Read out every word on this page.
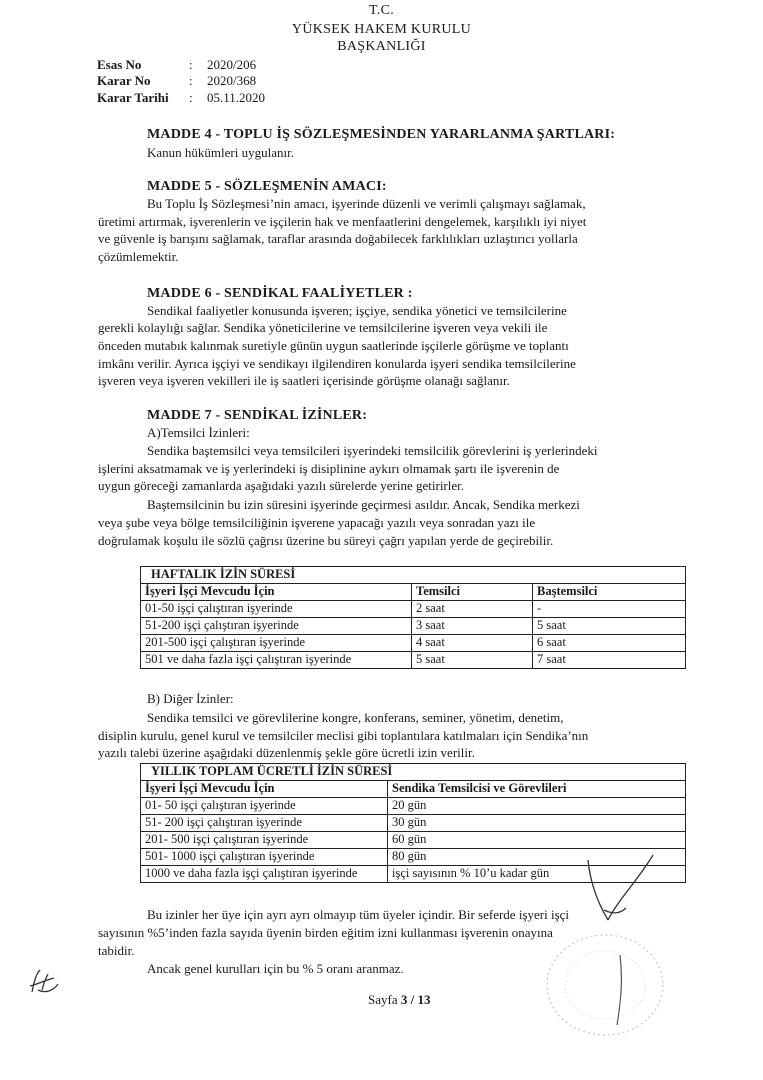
T.C.
YÜKSEK HAKEM KURULU
BAŞKANLIĞI
Esas No	: 2020/206
Karar No	: 2020/368
Karar Tarihi : 05.11.2020
MADDE 4 - TOPLU İŞ SÖZLEŞMESİNDEN YARARLANMA ŞARTLARI:
Kanun hükümleri uygulanır.
MADDE 5 - SÖZLEŞMENİN AMACI:
Bu Toplu İş Sözleşmesi’nin amacı, işyerinde düzenli ve verimli çalışmayı sağlamak,
üretimi artırmak, işverenlerin ve işçilerin hak ve menfaatlerini dengelemek, karşılıklı iyi niyet
ve güvenle iş barışını sağlamak, taraflar arasında doğabilecek farklılıkları uzlaştırıcı yollarla
çözümlemektir.
MADDE 6 - SENDİKAL FAALİYETLER :
Sendikal faaliyetler konusunda işveren; işçiye, sendika yönetici ve temsilcilerine
gerekli kolaylığı sağlar. Sendika yöneticilerine ve temsilcilerine işveren veya vekili ile
önceden mutabık kalınmak suretiyle günün uygun saatlerinde işçilerle görüşme ve toplantı
imkânı verilir. Ayrıca işçiyi ve sendikayı ilgilendiren konularda işyeri sendika temsilcilerine
işveren veya işveren vekilleri ile iş saatleri içerisinde görüşme olanağı sağlanır.
MADDE 7 - SENDİKAL İZİNLER:
A)Temsilci İzinleri:
Sendika baştemsilci veya temsilcileri işyerindeki temsilcilik görevlerini iş yerlerindeki
işlerini aksatmamak ve iş yerlerindeki iş disiplinine aykırı olmamak şartı ile işverenin de
uygun göreceği zamanlarda aşağıdaki yazılı sürelerde yerine getirirler.
Baştemsilcinin bu izin süresini işyerinde geçirmesi asıldır. Ancak, Sendika merkezi
veya şube veya bölge temsilciliğinin işverene yapacağı yazılı veya sonradan yazı ile
doğrulamak koşulu ile sözlü çağrısı üzerine bu süreyi çağrı yapılan yerde de geçirebilir.
HAFTALIK İZİN SÜRESİ		
İşyeri İşçi Mevcudu İçin	Temsilci	Baştemsilci
01-50 işçi çalıştıran işyerinde	2 saat	-
51-200 işçi çalıştıran işyerinde	3 saat	5 saat
201-500 işçi çalıştıran işyerinde	4 saat	6 saat
501 ve daha fazla işçi çalıştıran işyerinde	5 saat	7 saat
B) Diğer İzinler:
Sendika temsilci ve görevlilerine kongre, konferans, seminer, yönetim, denetim,
disiplin kurulu, genel kurul ve temsilciler meclisi gibi toplantılara katılmaları için Sendika’nın
yazılı talebi üzerine aşağıdaki düzenlenmiş şekle göre ücretli izin verilir.
YILLIK TOPLAM ÜCRETLİ İZİN SÜRESİ	
İşyeri İşçi Mevcudu İçin	Sendika Temsilcisi ve Görevlileri
01- 50 işçi çalıştıran işyerinde	20 gün
51- 200 işçi çalıştıran işyerinde	30 gün
201- 500 işçi çalıştıran işyerinde	60 gün
501- 1000 işçi çalıştıran işyerinde	80 gün
1000 ve daha fazla işçi çalıştıran işyerinde	işçi sayısının % 10’u kadar gün
Bu izinler her üye için ayrı ayrı olmayıp tüm üyeler içindir. Bir seferde işyeri işçi
sayısının %5’inden fazla sayıda üyenin birden eğitim izni kullanması işverenin onayına
tabidir.
Ancak genel kurulları için bu % 5 oranı aranmaz.
Sayfa 3 / 13
